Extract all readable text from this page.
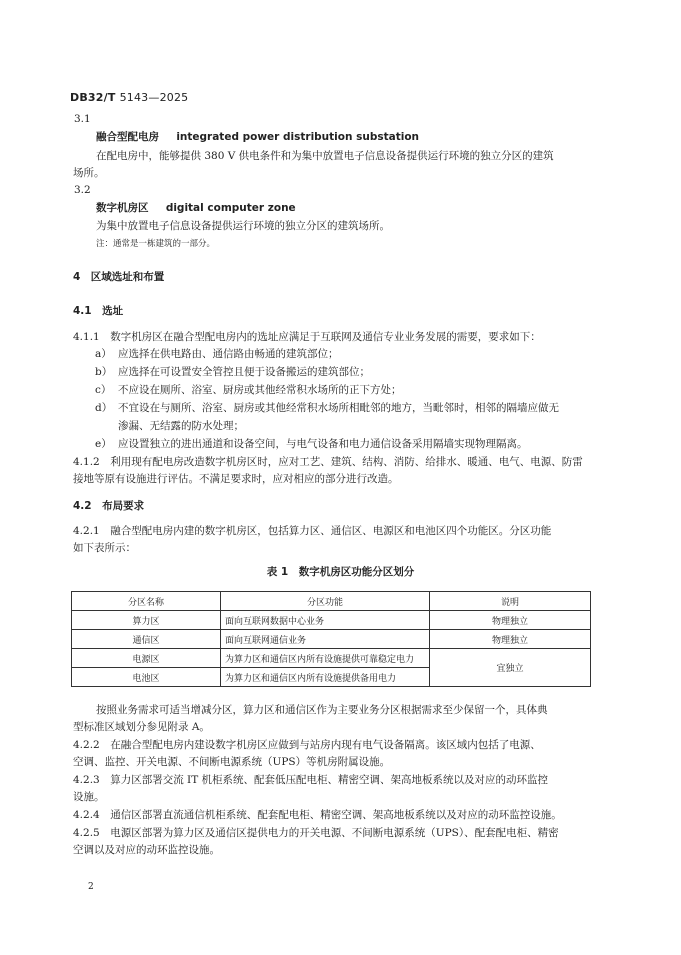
DB32/T 5143—2025
3.1
融合型配电房 integrated power distribution substation
在配电房中，能够提供 380 V 供电条件和为集中放置电子信息设备提供运行环境的独立分区的建筑
场所。
3.2
数字机房区 digital computer zone
为集中放置电子信息设备提供运行环境的独立分区的建筑场所。
注：通常是一栋建筑的一部分。
4　区域选址和布置
4.1　选址
4.1.1　数字机房区在融合型配电房内的选址应满足于互联网及通信专业业务发展的需要，要求如下：
a） 应选择在供电路由、通信路由畅通的建筑部位；
b） 应选择在可设置安全管控且便于设备搬运的建筑部位；
c） 不应设在厕所、浴室、厨房或其他经常积水场所的正下方处；
d） 不宜设在与厕所、浴室、厨房或其他经常积水场所相毗邻的地方，当毗邻时，相邻的隔墙应做无
渗漏、无结露的防水处理；
e） 应设置独立的进出通道和设备空间，与电气设备和电力通信设备采用隔墙实现物理隔离。
4.1.2　利用现有配电房改造数字机房区时，应对工艺、建筑、结构、消防、给排水、暖通、电气、电源、防雷
接地等原有设施进行评估。不满足要求时，应对相应的部分进行改造。
4.2　布局要求
4.2.1　融合型配电房内建的数字机房区，包括算力区、通信区、电源区和电池区四个功能区。分区功能
如下表所示：
表 1　数字机房区功能分区划分
分区名称	分区功能	说明
算力区	面向互联网数据中心业务	物理独立
通信区	面向互联网通信业务	物理独立
电源区	为算力区和通信区内所有设施提供可靠稳定电力	宜独立
电池区	为算力区和通信区内所有设施提供备用电力	
按照业务需求可适当增减分区，算力区和通信区作为主要业务分区根据需求至少保留一个，具体典
型标准区域划分参见附录 A。
4.2.2　在融合型配电房内建设数字机房区应做到与站房内现有电气设备隔离。该区域内包括了电源、
空调、监控、开关电源、不间断电源系统（UPS）等机房附属设施。
4.2.3　算力区部署交流 IT 机柜系统、配套低压配电柜、精密空调、架高地板系统以及对应的动环监控
设施。
4.2.4　通信区部署直流通信机柜系统、配套配电柜、精密空调、架高地板系统以及对应的动环监控设施。
4.2.5　电源区部署为算力区及通信区提供电力的开关电源、不间断电源系统（UPS）、配套配电柜、精密
空调以及对应的动环监控设施。
2
